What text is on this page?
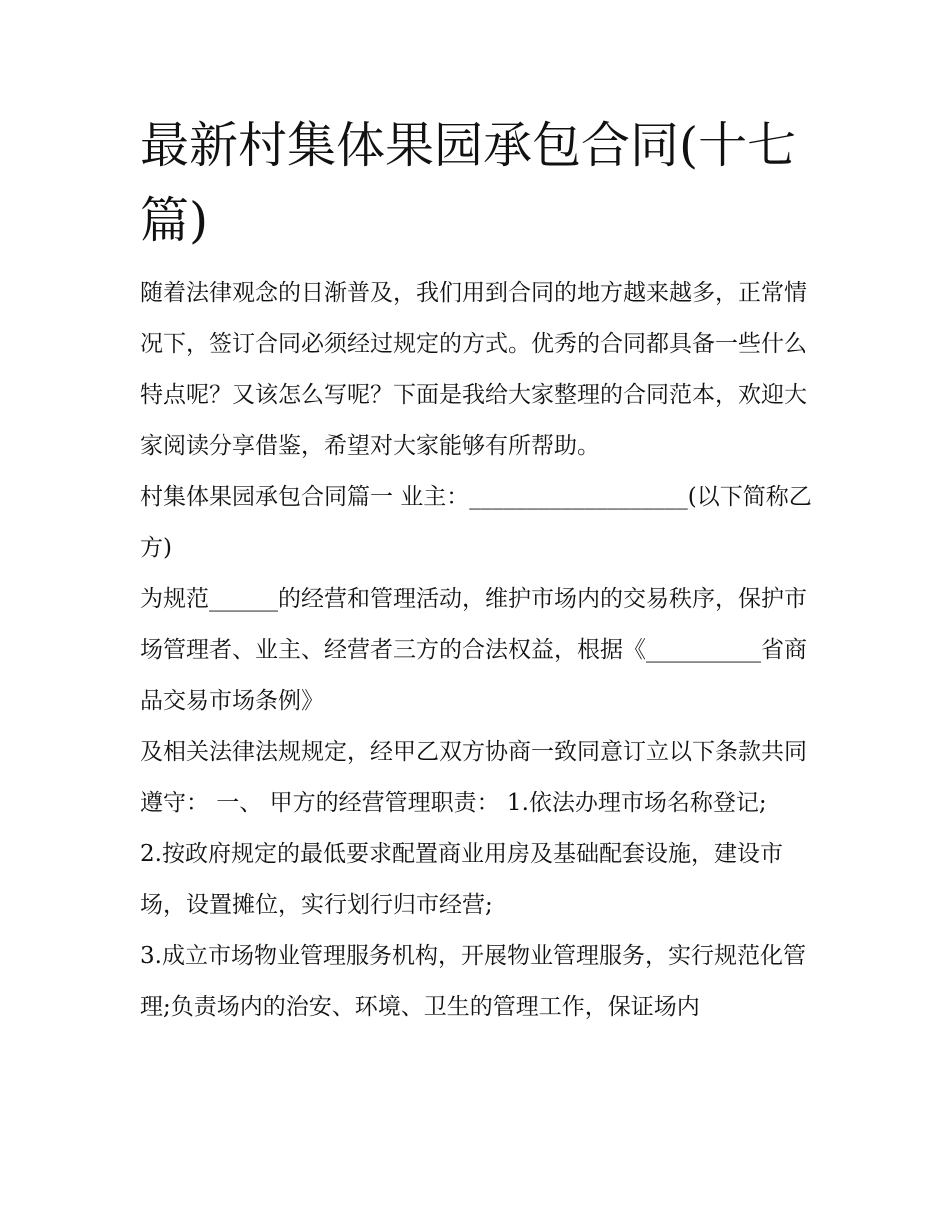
最新村集体果园承包合同(十七篇)

随着法律观念的日渐普及，我们用到合同的地方越来越多，正常情况下，签订合同必须经过规定的方式。优秀的合同都具备一些什么特点呢？又该怎么写呢？下面是我给大家整理的合同范本，欢迎大家阅读分享借鉴，希望对大家能够有所帮助。

村集体果园承包合同篇一 业主：___________________(以下简称乙方)

为规范______的经营和管理活动，维护市场内的交易秩序，保护市场管理者、业主、经营者三方的合法权益，根据《__________省商品交易市场条例》

及相关法律法规规定，经甲乙双方协商一致同意订立以下条款共同遵守： 一、 甲方的经营管理职责： 1.依法办理市场名称登记;

2.按政府规定的最低要求配置商业用房及基础配套设施，建设市场，设置摊位，实行划行归市经营;

3.成立市场物业管理服务机构，开展物业管理服务，实行规范化管理;负责场内的治安、环境、卫生的管理工作，保证场内
